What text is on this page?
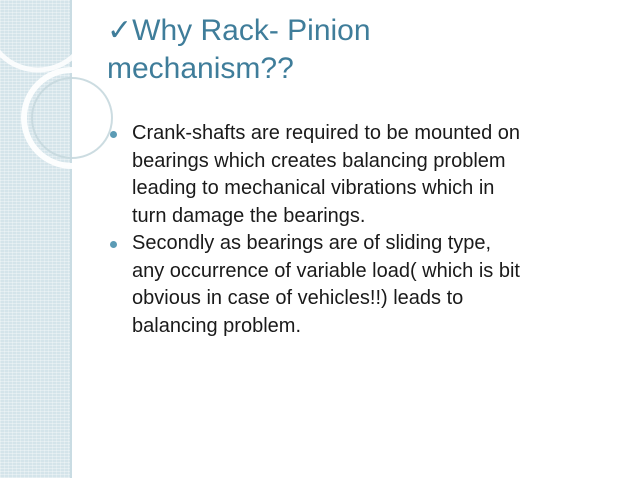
✓Why Rack- Pinion
mechanism??
Crank-shafts are required to be mounted on
bearings which creates balancing problem
leading to mechanical vibrations which in
turn damage the bearings.
Secondly as bearings are of sliding type,
any occurrence of variable load( which is bit
obvious in case of vehicles!!) leads to
balancing problem.
